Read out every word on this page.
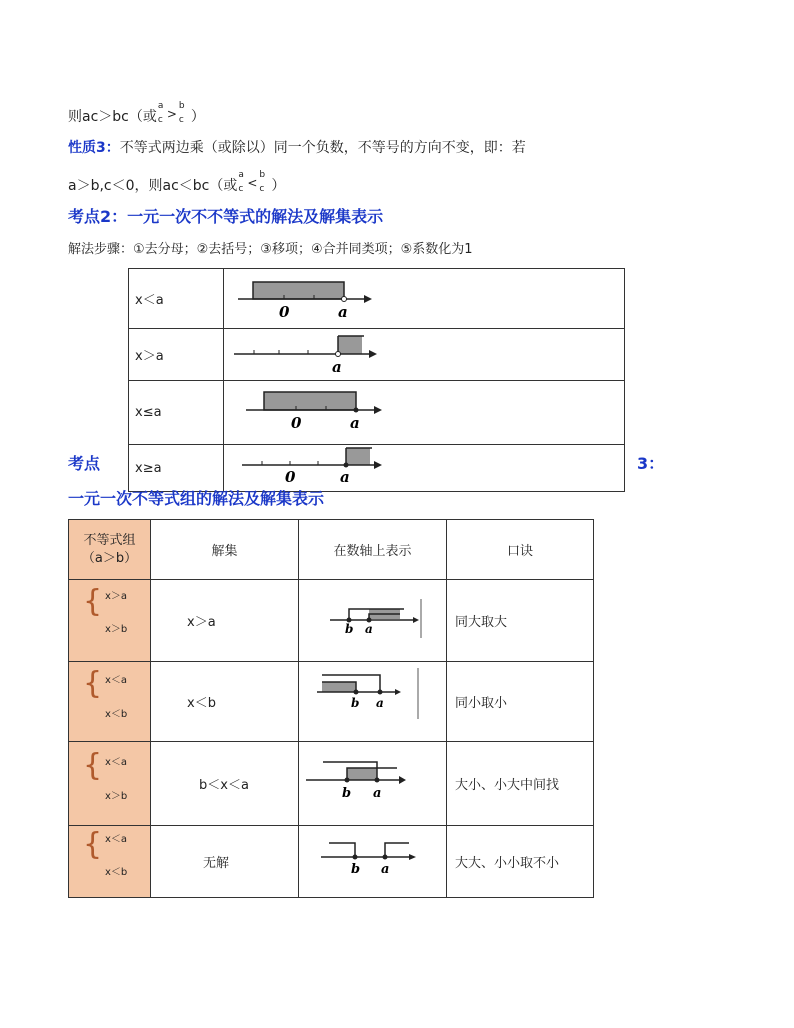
则ac＞bc（或
a
c >
b
c ）
性质3：不等式两边乘（或除以）同一个负数，不等号的方向不变，即：若
a＞b,c＜0，则ac＜bc（或
a
c <
b
c ）
考点2：一元一次不不等式的解法及解集表示
解法步骤：①去分母；②去括号；③移项；④合并同类项；⑤系数化为1
x＜a	0 a

x＞a	a

x≤a	0 a

x≥a	0 a
考点	3：
一元一次不等式组的解法及解集表示
不等式组
（a＞b）	解集	在数轴上表示	口诀

{ x＞a
x＞b	x＞a	b a	同大取大

{ x＜a
x＜b	x＜b	b a	同小取小

{ x＜a
x＞b	b＜x＜a	b a	大小、小大中间找

{ x＜a
x＜b	无解	b a	大大、小小取不小
